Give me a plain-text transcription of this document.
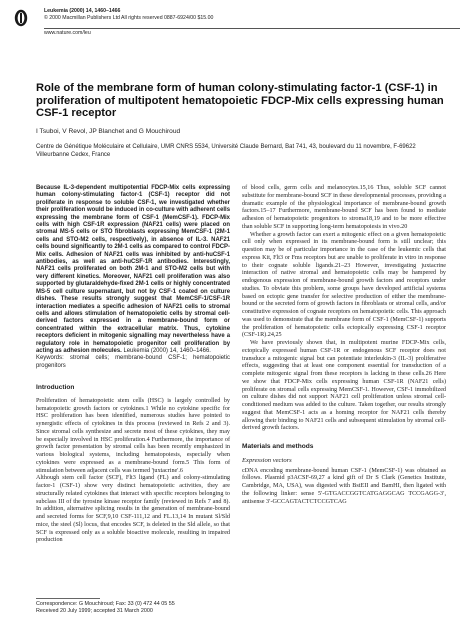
Leukemia (2000) 14, 1460–1466
© 2000 Macmillan Publishers Ltd All rights reserved 0887-6924/00 $15.00
www.nature.com/leu
Role of the membrane form of human colony-stimulating factor-1 (CSF-1) in proliferation of multipotent hematopoietic FDCP-Mix cells expressing human CSF-1 receptor
I Tsuboi, V Revol, JP Blanchet and G Mouchiroud
Centre de Génétique Moléculaire et Cellulaire, UMR CNRS 5534, Université Claude Bernard, Bat 741, 43, boulevard du 11 novembre, F-69622 Villeurbanne Cedex, France

Because IL-3-dependent multipotential FDCP-Mix cells expressing human colony-stimulating factor-1 (CSF-1) receptor did not proliferate in response to soluble CSF-1, we investigated whether their proliferation would be induced in co-culture with adherent cells expressing the membrane form of CSF-1 (MemCSF-1). FDCP-Mix cells with high CSF-1R expression (NAF21 cells) were placed on stromal MS-5 cells or STO fibroblasts expressing MemCSF-1 (2M-1 cells and STO-M2 cells, respectively), in absence of IL-3. NAF21 cells bound significantly to 2M-1 cells as compared to control FDCP-Mix cells. Adhesion of NAF21 cells was inhibited by anti-huCSF-1 antibodies, as well as anti-huCSF-1R antibodies. Interestingly, NAF21 cells proliferated on both 2M-1 and STO-M2 cells but with very different kinetics. Moreover, NAF21 cell proliferation was also supported by glutaraldehyde-fixed 2M-1 cells or highly concentrated MS-5 cell culture supernatant, but not by CSF-1 coated on culture dishes. These results strongly suggest that MemCSF-1/CSF-1R interaction mediates a specific adhesion of NAF21 cells to stromal cells and allows stimulation of hematopoietic cells by stromal cell-derived factors expressed in a membrane-bound form or concentrated within the extracellular matrix. Thus, cytokine receptors deficient in mitogenic signalling may nevertheless have a regulatory role in hematopoietic progenitor cell proliferation by acting as adhesion molecules. Leukemia (2000) 14, 1460–1466.

Keywords: stromal cells; membrane-bound CSF-1; hematopoietic progenitors

Introduction

Proliferation of hematopoietic stem cells (HSC) is largely controlled by hematopoietic growth factors or cytokines.1 While no cytokine specific for HSC proliferation has been identified, numerous studies have pointed to synergistic effects of cytokines in this process (reviewed in Refs 2 and 3). Since stromal cells synthesize and secrete most of these cytokines, they may be especially involved in HSC proliferation.4 Furthermore, the importance of growth factor presentation by stromal cells has been recently emphasized in various biological systems, including hematopoiesis, especially when cytokines were expressed as a membrane-bound form.5 This form of stimulation between adjacent cells was termed 'juxtacrine'.6

Although stem cell factor (SCF), Flt3 ligand (FL) and colony-stimulating factor-1 (CSF-1) show very distinct hematopoietic activities, they are structurally related cytokines that interact with specific receptors belonging to subclass III of the tyrosine kinase receptor family (reviewed in Refs 7 and 8). In addition, alternative splicing results in the generation of membrane-bound and secreted forms for SCF,9,10 CSF-111,12 and FL.13,14 In mutant Sl/Sld mice, the steel (Sl) locus, that encodes SCF, is deleted in the Sld allele, so that SCF is expressed only as a soluble bioactive molecule, resulting in impaired production

Correspondence: G Mouchiroud; Fax: 33 (0) 472 44 05 55
Received 20 July 1999; accepted 31 March 2000

of blood cells, germ cells and melanocytes.15,16 Thus, soluble SCF cannot substitute for membrane-bound SCF in these developmental processes, providing a dramatic example of the physiological importance of membrane-bound growth factors.15–17 Furthermore, membrane-bound SCF has been found to mediate adhesion of hematopoietic progenitors to stroma18,19 and to be more effective than soluble SCF in supporting long-term hematopoiesis in vivo.20

Whether a growth factor can exert a mitogenic effect on a given hematopoietic cell only when expressed in its membrane-bound form is still unclear; this question may be of particular importance in the case of the leukemic cells that express Kit, Flt3 or Fms receptors but are unable to proliferate in vitro in response to their cognate soluble ligands.21–23 However, investigating juxtacrine interaction of native stromal and hematopoietic cells may be hampered by endogenous expression of membrane-bound growth factors and receptors under studies. To obviate this problem, some groups have developed artificial systems based on ectopic gene transfer for selective production of either the membrane-bound or the secreted form of growth factors in fibroblasts or stromal cells, and/or constitutive expression of cognate receptors on hematopoietic cells. This approach was used to demonstrate that the membrane form of CSF-1 (MemCSF-1) supports the proliferation of hematopoietic cells ectopically expressing CSF-1 receptor (CSF-1R).24,25

We have previously shown that, in multipotent murine FDCP-Mix cells, ectopically expressed human CSF-1R or endogenous SCF receptor does not transduce a mitogenic signal but can potentiate interleukin-3 (IL-3) proliferative effects, suggesting that at least one component essential for transduction of a complete mitogenic signal from these receptors is lacking in these cells.26 Here we show that FDCP-Mix cells expressing human CSF-1R (NAF21 cells) proliferate on stromal cells expressing MemCSF-1. However, CSF-1 immobilized on culture dishes did not support NAF21 cell proliferation unless stromal cell-conditioned medium was added to the culture. Taken together, our results strongly suggest that MemCSF-1 acts as a homing receptor for NAF21 cells thereby allowing their binding to NAF21 cells and subsequent stimulation by stromal cell-derived growth factors.

Materials and methods
Expression vectors

cDNA encoding membrane-bound human CSF-1 (MemCSF-1) was obtained as follows. Plasmid p3ACSF-69,27 a kind gift of Dr S Clark (Genetics Institute, Cambridge, MA, USA), was digested with BstEII and BamHI, then ligated with the following linker: sense 5′-GTGACCGGTCATGAGGCAG TCCGAGG-3′, antisense 3′-GCCAGTACTCTCCGTCAG
